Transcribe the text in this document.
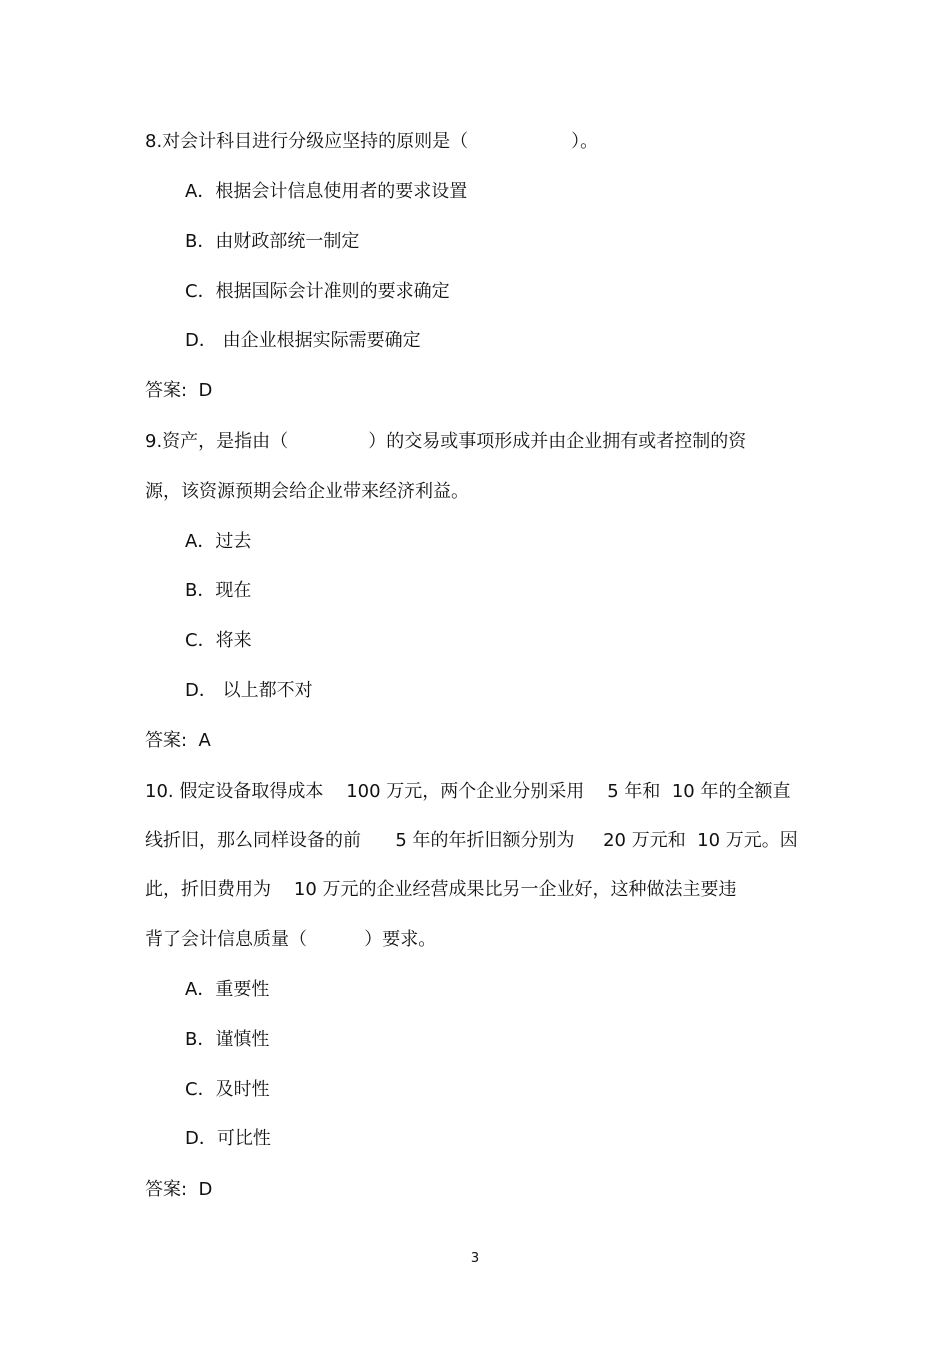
8.对会计科目进行分级应坚持的原则是（                  ）。
A．根据会计信息使用者的要求设置
B．由财政部统一制定
C．根据国际会计准则的要求确定
D． 由企业根据实际需要确定
答案:  D
9.资产，是指由（              ）的交易或事项形成并由企业拥有或者控制的资
源，该资源预期会给企业带来经济利益。
A．过去
B．现在
C．将来
D． 以上都不对
答案:  A
10. 假定设备取得成本    100 万元，两个企业分别采用    5 年和  10 年的全额直
线折旧，那么同样设备的前      5 年的年折旧额分别为     20 万元和  10 万元。因
此，折旧费用为    10 万元的企业经营成果比另一企业好，这种做法主要违
背了会计信息质量（          ）要求。
A．重要性
B．谨慎性
C．及时性
D．可比性
答案:  D
3
